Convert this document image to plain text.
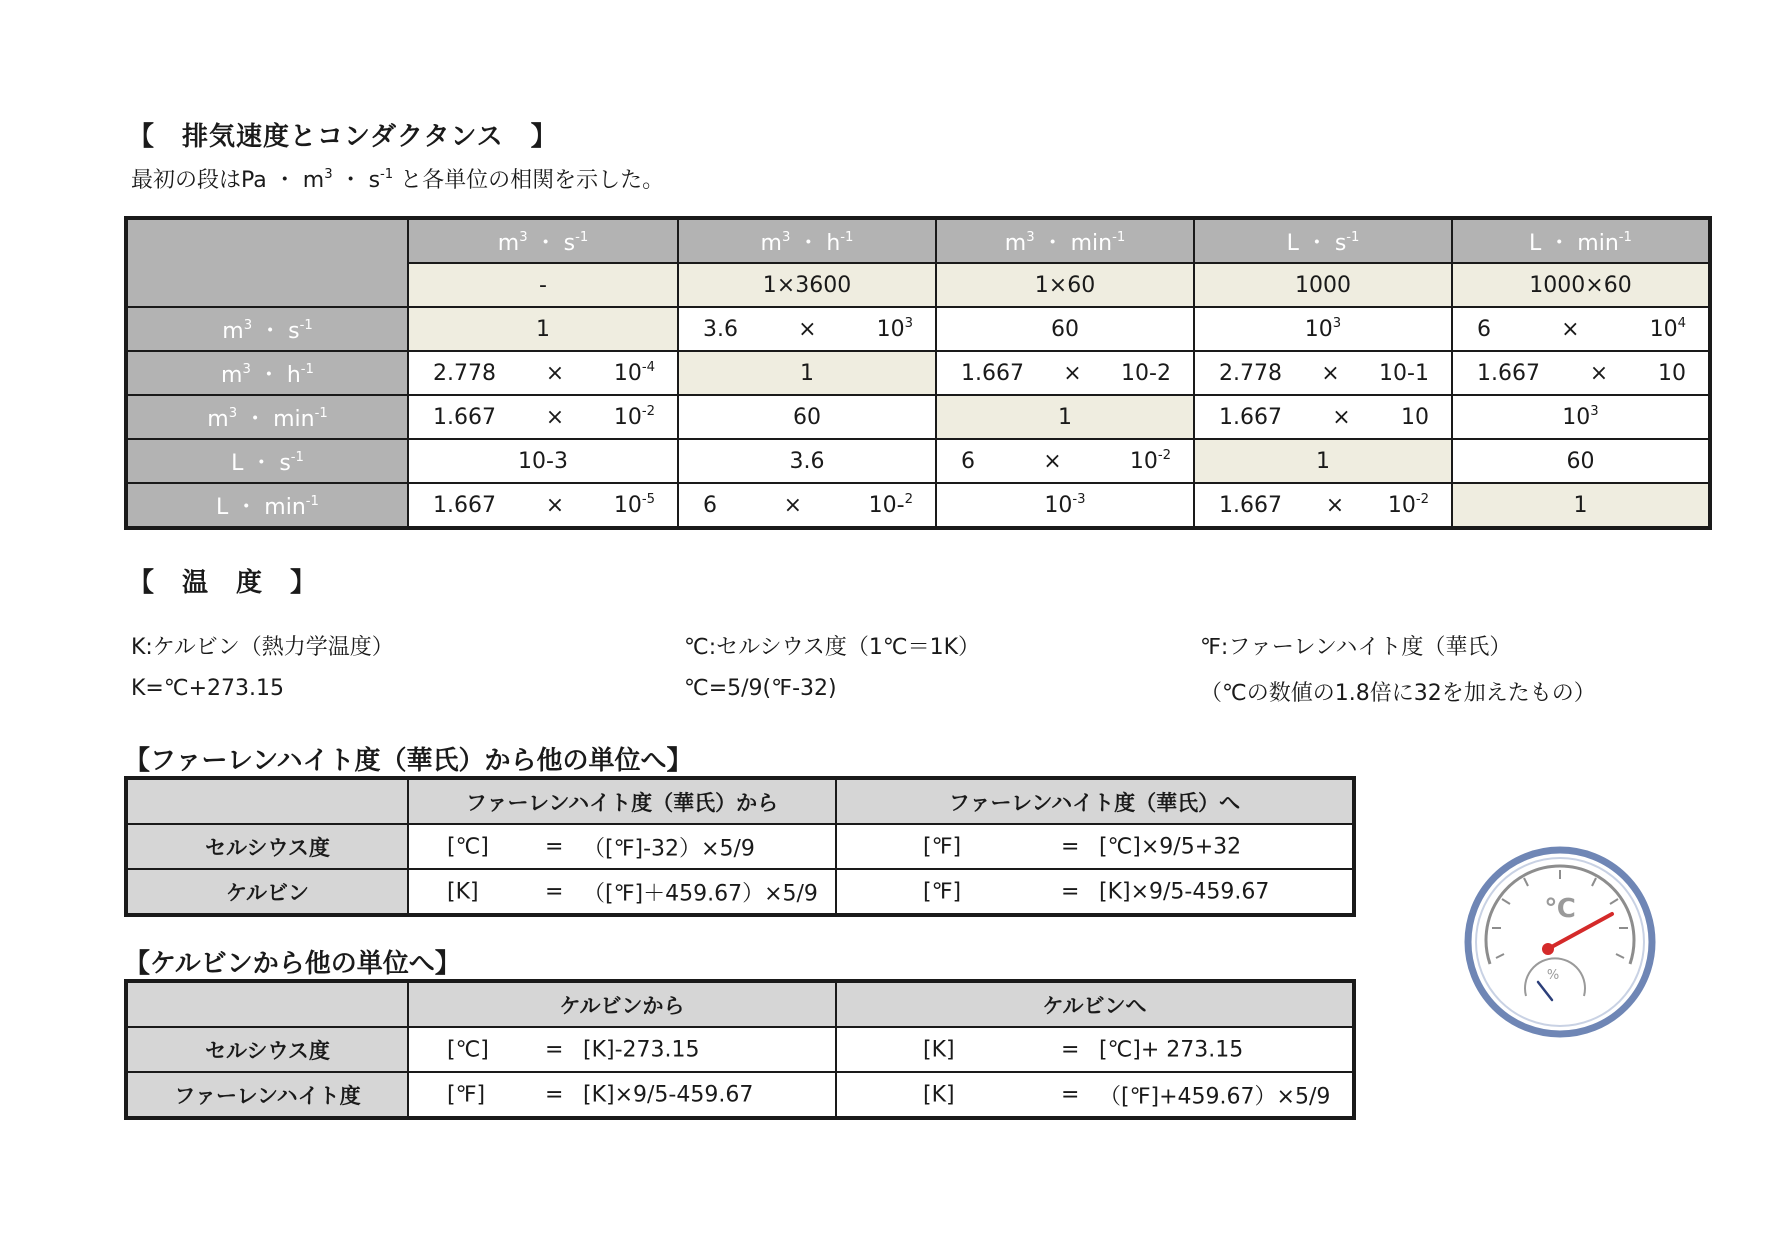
【　排気速度とコンダクタンス　】
最初の段はPa ・ $m^3$ ・ $s^{-1}$ と各単位の相関を示した。
	$m^3$ ・ $s^{-1}$	$m^3$ ・ $h^{-1}$	$m^3$ ・ $\min^{-1}$	L ・ $s^{-1}$	L ・ $\min^{-1}$
	-	1×3600	1×60	1000	1000×60
$m^3$ ・ $s^{-1}$	1	$3.6 \times 10^3$	60	$10^3$	$6 \times 10^4$

$m^3$ ・ $h^{-1}$	$2.778 \times 10^{-4}$	1	1.667 × 10-2	2.778 × 10-1	1.667 × 10

$m^3$ ・ $\min^{-1}$	$1.667 \times 10^{-2}$	60	1	1.667 × 10	$10^3$
L ・ $s^{-1}$	10-3	3.6	$6 \times 10^{-2}$	1	60
L ・ $\min^{-1}$	$1.667 \times 10^{-5}$	6 × 10-$^2$	$10^{-3}$	$1.667 \times 10^{-2}$	1
【　温　度　】
K:ケルビン（熱力学温度）	℃:セルシウス度（1℃＝1K）	℉:ファーレンハイト度（華氏）
K=℃+273.15	℃=5/9(℉-32)	（℃の数値の1.8倍に32を加えたもの）
【ファーレンハイト度（華氏）から他の単位へ】
	ファーレンハイト度（華氏）から	ファーレンハイト度（華氏）へ
セルシウス度	[℃] = （[℉]-32）×5/9	[℉] = [℃]×9/5+32

ケルビン	[K] = （[℉]＋459.67）×5/9	[℉] = [K]×9/5-459.67
【ケルビンから他の単位へ】
	ケルビンから	ケルビンへ
セルシウス度	[℃] = [K]-273.15	[K] = [℃]+ 273.15

ファーレンハイト度	[℉] = [K]×9/5-459.67	[K] = （[℉]+459.67）×5/9
℃
%
